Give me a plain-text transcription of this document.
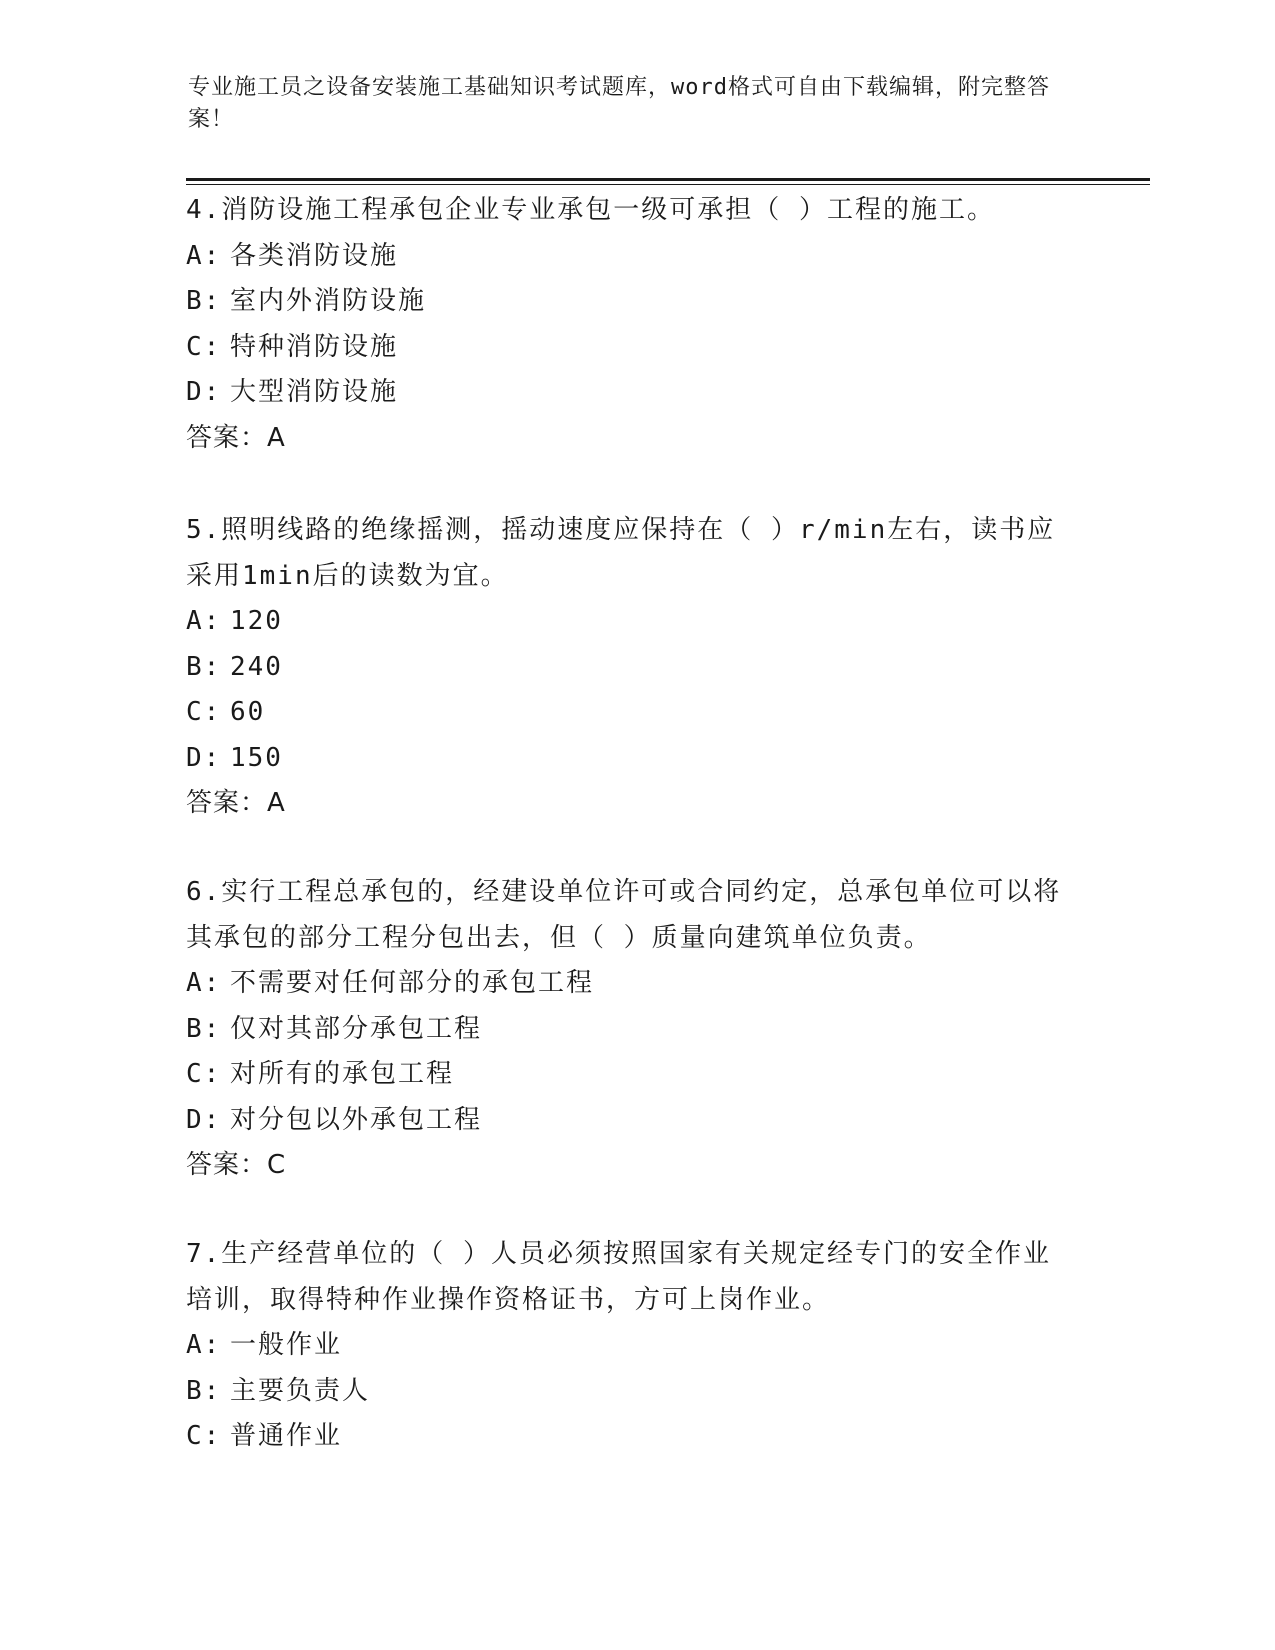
专业施工员之设备安装施工基础知识考试题库，word格式可自由下载编辑，附完整答案！

4.消防设施工程承包企业专业承包一级可承担（ ）工程的施工。

A: 各类消防设施

B: 室内外消防设施

C: 特种消防设施

D: 大型消防设施

答案：A

5.照明线路的绝缘摇测，摇动速度应保持在（ ）r/min左右，读书应采用1min后的读数为宜。

A: 120

B: 240

C: 60

D: 150

答案：A

6.实行工程总承包的，经建设单位许可或合同约定，总承包单位可以将其承包的部分工程分包出去，但（ ）质量向建筑单位负责。

A: 不需要对任何部分的承包工程

B: 仅对其部分承包工程

C: 对所有的承包工程

D: 对分包以外承包工程

答案：C

7.生产经营单位的（ ）人员必须按照国家有关规定经专门的安全作业培训，取得特种作业操作资格证书，方可上岗作业。

A: 一般作业

B: 主要负责人

C: 普通作业
